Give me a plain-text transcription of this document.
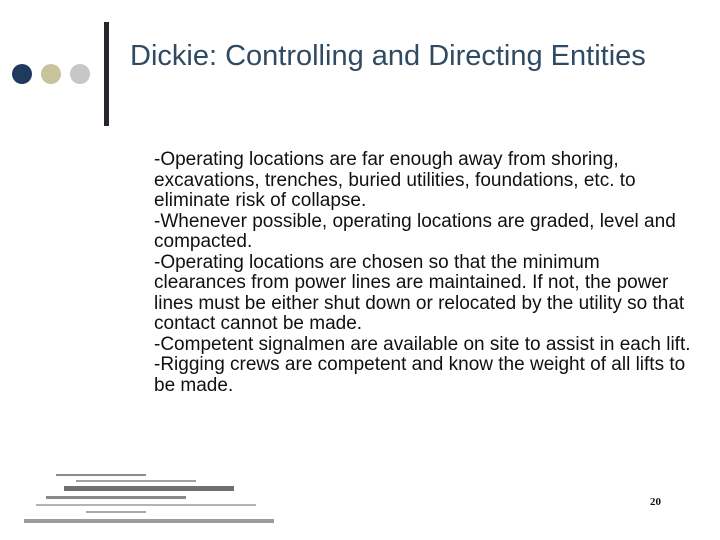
Dickie: Controlling and Directing Entities

-Operating locations are far enough away from shoring, excavations, trenches, buried utilities, foundations, etc. to eliminate risk of collapse.

-Whenever possible, operating locations are graded, level and compacted.

-Operating locations are chosen so that the minimum clearances from power lines are maintained. If not, the power lines must be either shut down or relocated by the utility so that contact cannot be made.

-Competent signalmen are available on site to assist in each lift.

-Rigging crews are competent and know the weight of all lifts to be made.

20
